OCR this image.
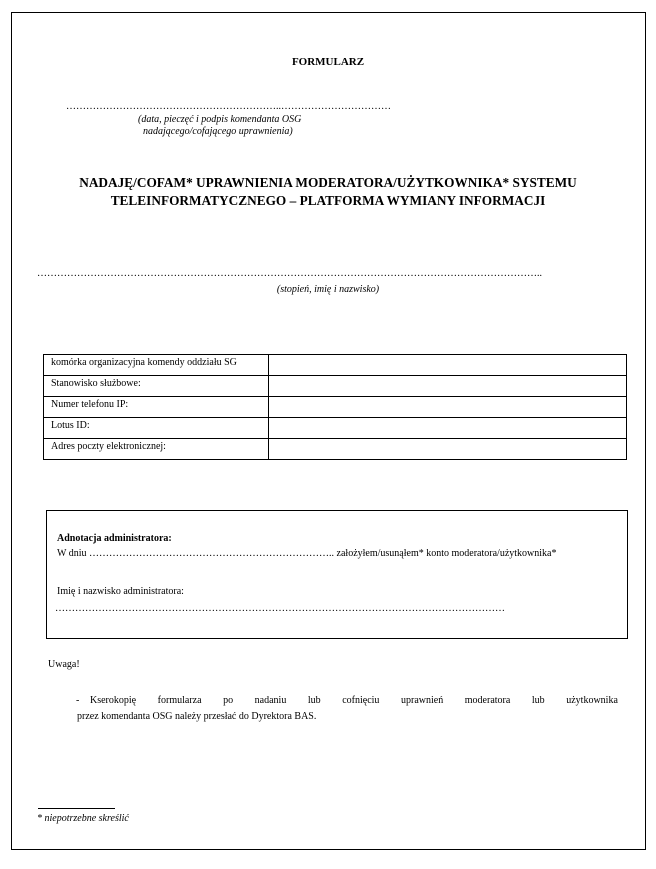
FORMULARZ
………………………………………………………..……………………………
(data, pieczęć i podpis komendanta OSG
nadającego/cofającego uprawnienia)
NADAJĘ/COFAM* UPRAWNIENIA MODERATORA/UŻYTKOWNIKA* SYSTEMU
TELEINFORMATYCZNEGO – PLATFORMA WYMIANY INFORMACJI
……………………………………………………………………………………………………………………………………..
(stopień, imię i nazwisko)
komórka organizacyjna komendy oddziału SG	
Stanowisko służbowe:	
Numer telefonu IP:	
Lotus ID:	
Adres poczty elektronicznej:	
Adnotacja administratora:
W dniu ……………………………………………………………….. założyłem/usunąłem* konto moderatora/użytkownika*
Imię i nazwisko administratora:
………………………………………………………………………………………………………………………
Uwaga!
- Kserokopię formularza po nadaniu lub cofnięciu uprawnień moderatora lub użytkownika
przez komendanta OSG należy przesłać do Dyrektora BAS.
* niepotrzebne skreślić
